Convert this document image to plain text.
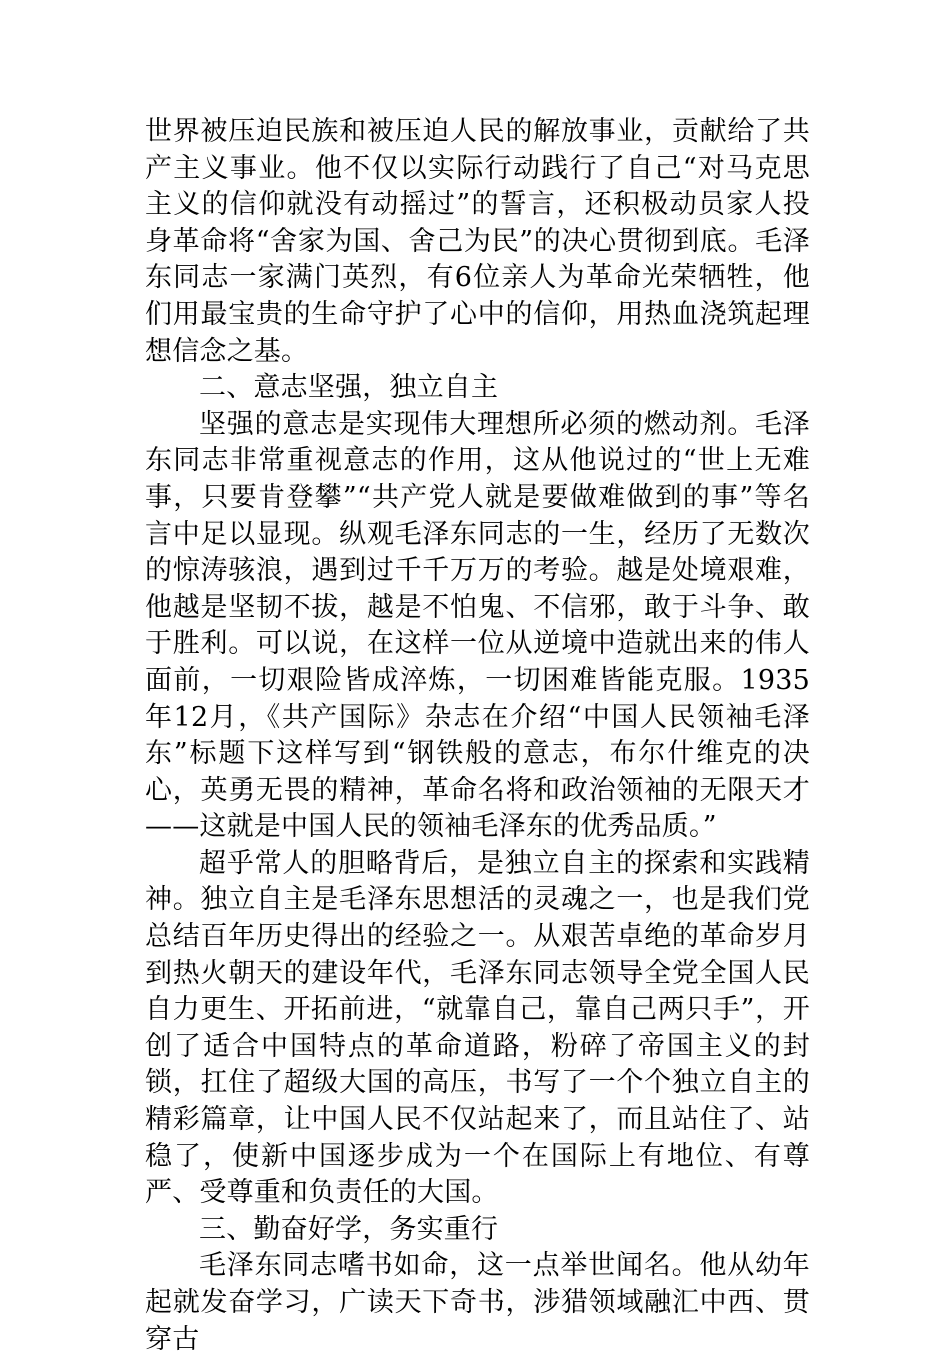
世界被压迫民族和被压迫人民的解放事业，贡献给了共产主义事业。他不仅以实际行动践行了自己“对马克思主义的信仰就没有动摇过”的誓言，还积极动员家人投身革命将“舍家为国、舍己为民”的决心贯彻到底。毛泽东同志一家满门英烈，有6位亲人为革命光荣牺牲，他们用最宝贵的生命守护了心中的信仰，用热血浇筑起理想信念之基。

二、意志坚强，独立自主

坚强的意志是实现伟大理想所必须的燃动剂。毛泽东同志非常重视意志的作用，这从他说过的“世上无难事，只要肯登攀”“共产党人就是要做难做到的事”等名言中足以显现。纵观毛泽东同志的一生，经历了无数次的惊涛骇浪，遇到过千千万万的考验。越是处境艰难，他越是坚韧不拔，越是不怕鬼、不信邪，敢于斗争、敢于胜利。可以说，在这样一位从逆境中造就出来的伟人面前，一切艰险皆成淬炼，一切困难皆能克服。1935年12月，《共产国际》杂志在介绍“中国人民领袖毛泽东”标题下这样写到“钢铁般的意志，布尔什维克的决心，英勇无畏的精神，革命名将和政治领袖的无限天才——这就是中国人民的领袖毛泽东的优秀品质。”

超乎常人的胆略背后，是独立自主的探索和实践精神。独立自主是毛泽东思想活的灵魂之一，也是我们党总结百年历史得出的经验之一。从艰苦卓绝的革命岁月到热火朝天的建设年代，毛泽东同志领导全党全国人民自力更生、开拓前进，“就靠自己，靠自己两只手”，开创了适合中国特点的革命道路，粉碎了帝国主义的封锁，扛住了超级大国的高压，书写了一个个独立自主的精彩篇章，让中国人民不仅站起来了，而且站住了、站稳了，使新中国逐步成为一个在国际上有地位、有尊严、受尊重和负责任的大国。

三、勤奋好学，务实重行

毛泽东同志嗜书如命，这一点举世闻名。他从幼年起就发奋学习，广读天下奇书，涉猎领域融汇中西、贯穿古
